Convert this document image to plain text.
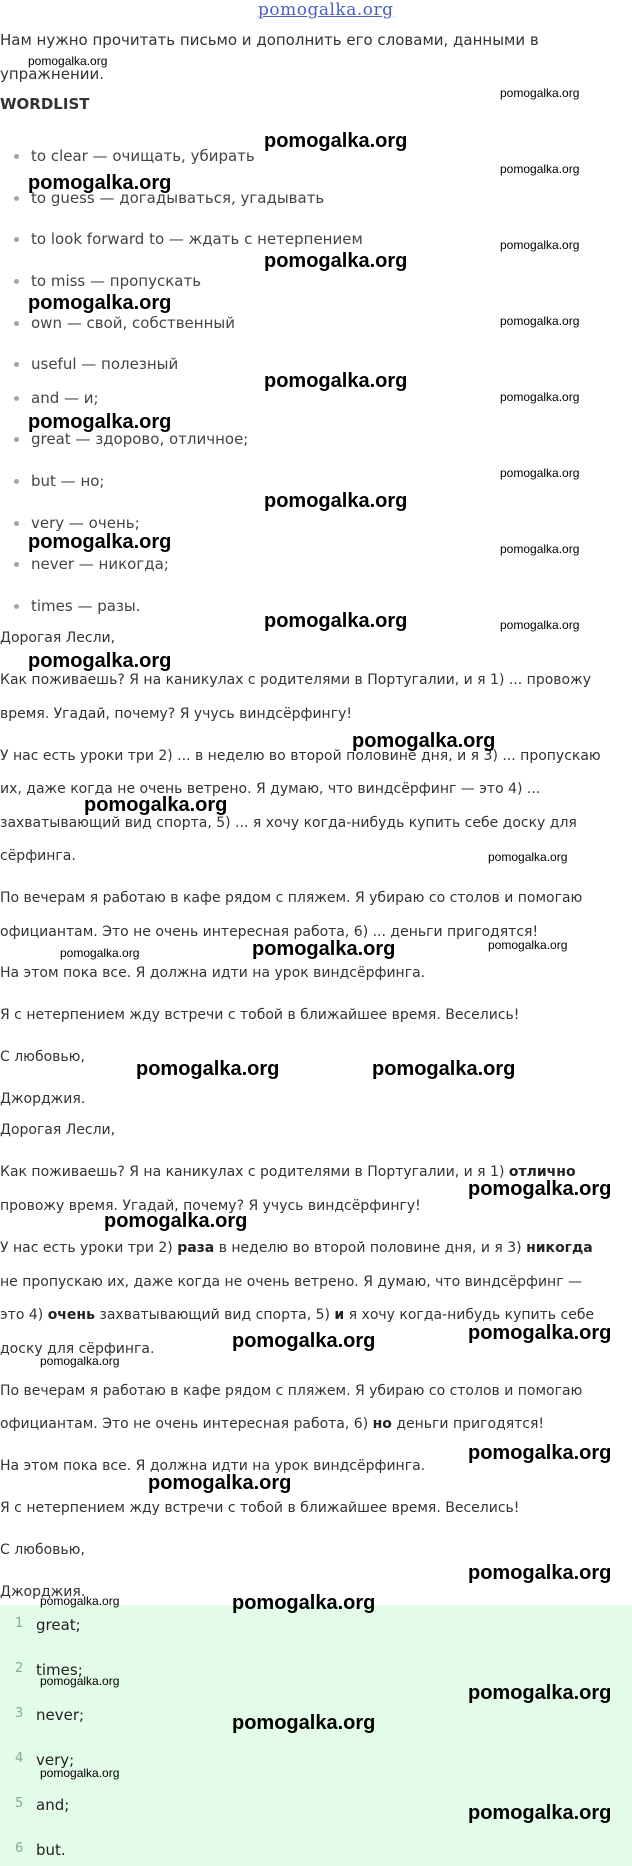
pomogalka.org
Нам нужно прочитать письмо и дополнить его словами, данными в
упражнении.
WORDLIST
to clear — очищать, убирать
to guess — догадываться, угадывать
to look forward to — ждать с нетерпением
to miss — пропускать
own — свой, собственный
useful — полезный
and — и;
great — здорово, отличное;
but — но;
very — очень;
never — никогда;
times — разы.
Дорогая Лесли,
Как поживаешь? Я на каникулах с родителями в Португалии, и я 1) ... провожу
время. Угадай, почему? Я учусь виндсёрфингу!
У нас есть уроки три 2) ... в неделю во второй половине дня, и я 3) ... пропускаю
их, даже когда не очень ветрено. Я думаю, что виндсёрфинг — это 4) ...
захватывающий вид спорта, 5) ... я хочу когда-нибудь купить себе доску для
сёрфинга.
По вечерам я работаю в кафе рядом с пляжем. Я убираю со столов и помогаю
официантам. Это не очень интересная работа, 6) ... деньги пригодятся!
На этом пока все. Я должна идти на урок виндсёрфинга.
Я с нетерпением жду встречи с тобой в ближайшее время. Веселись!
С любовью,
Джорджия.
Дорогая Лесли,
Как поживаешь? Я на каникулах с родителями в Португалии, и я 1) отлично
провожу время. Угадай, почему? Я учусь виндсёрфингу!
У нас есть уроки три 2) раза в неделю во второй половине дня, и я 3) никогда
не пропускаю их, даже когда не очень ветрено. Я думаю, что виндсёрфинг —
это 4) очень захватывающий вид спорта, 5) и я хочу когда-нибудь купить себе
доску для сёрфинга.
По вечерам я работаю в кафе рядом с пляжем. Я убираю со столов и помогаю
официантам. Это не очень интересная работа, 6) но деньги пригодятся!
На этом пока все. Я должна идти на урок виндсёрфинга.
Я с нетерпением жду встречи с тобой в ближайшее время. Веселись!
С любовью,
Джорджия.
1 great;
2 times;
3 never;
4 very;
5 and;
6 but.
pomogalka.org
pomogalka.org
pomogalka.org
pomogalka.org
pomogalka.org
pomogalka.org
pomogalka.org
pomogalka.org
pomogalka.org
pomogalka.org
pomogalka.org
pomogalka.org
pomogalka.org
pomogalka.org
pomogalka.org	pomogalka.org
pomogalka.org	pomogalka.org
pomogalka.org
pomogalka.org
pomogalka.org
pomogalka.org
pomogalka.org
pomogalka.org
pomogalka.org
pomogalka.org	pomogalka.org
pomogalka.org
pomogalka.org
pomogalka.org	pomogalka.org
pomogalka.org
pomogalka.org
pomogalka.org
pomogalka.org
pomogalka.org	pomogalka.org
pomogalka.org
pomogalka.org
pomogalka.org
pomogalka.org
pomogalka.org
